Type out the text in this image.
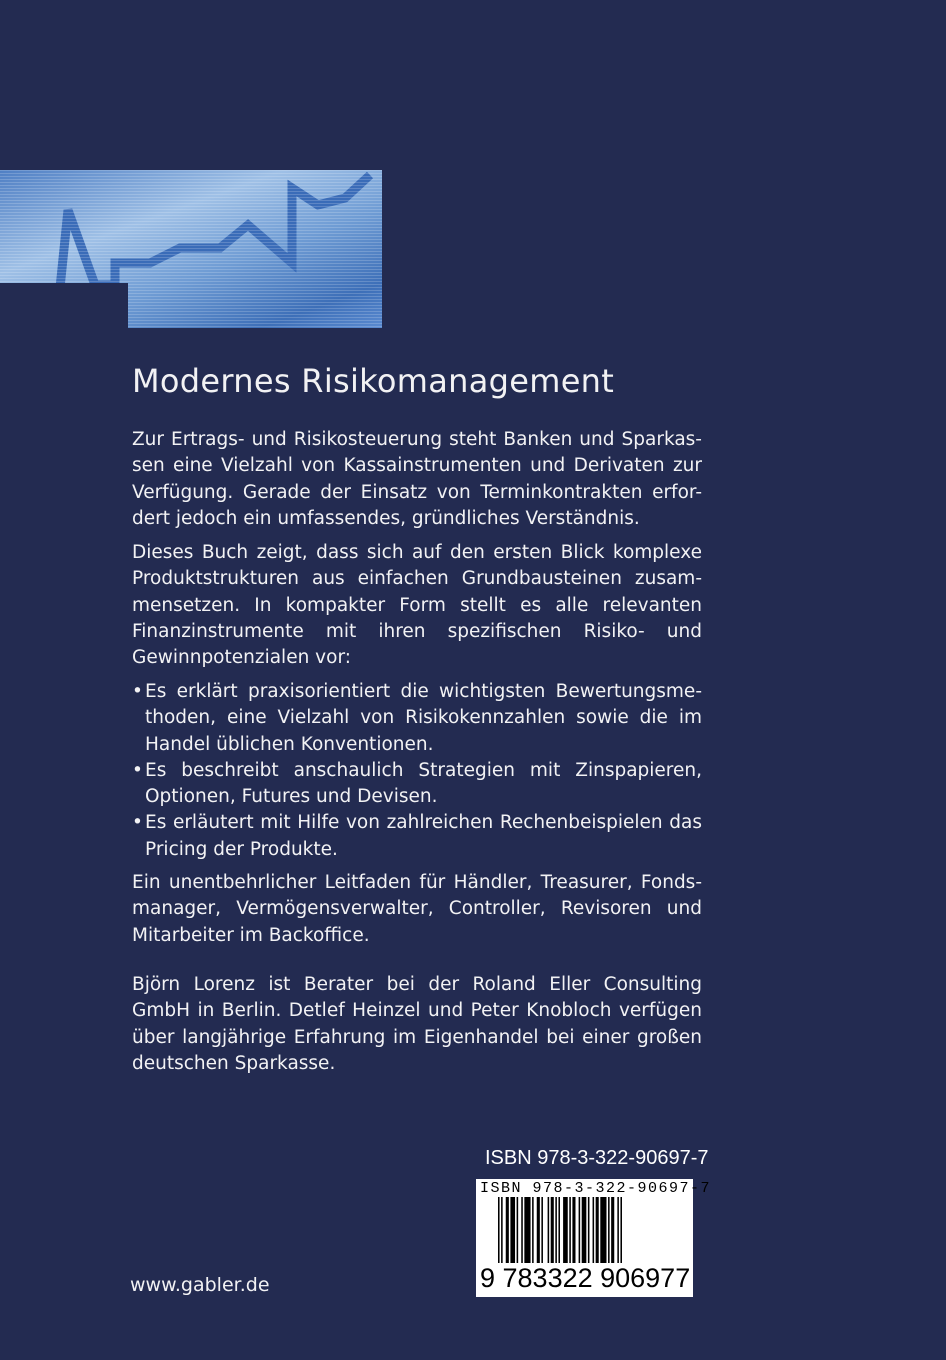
Modernes Risikomanagement
Zur Ertrags- und Risikosteuerung steht Banken und Sparkas-
sen eine Vielzahl von Kassainstrumenten und Derivaten zur
Verfügung. Gerade der Einsatz von Terminkontrakten erfor-
dert jedoch ein umfassendes, gründliches Verständnis.
Dieses Buch zeigt, dass sich auf den ersten Blick komplexe
Produktstrukturen aus einfachen Grundbausteinen zusam-
mensetzen. In kompakter Form stellt es alle relevanten
Finanzinstrumente mit ihren spezifischen Risiko- und
Gewinnpotenzialen vor:
• Es erklärt praxisorientiert die wichtigsten Bewertungsme-
thoden, eine Vielzahl von Risikokennzahlen sowie die im
Handel üblichen Konventionen.
• Es beschreibt anschaulich Strategien mit Zinspapieren,
Optionen, Futures und Devisen.
• Es erläutert mit Hilfe von zahlreichen Rechenbeispielen das
Pricing der Produkte.
Ein unentbehrlicher Leitfaden für Händler, Treasurer, Fonds-
manager, Vermögensverwalter, Controller, Revisoren und
Mitarbeiter im Backoffice.
Björn Lorenz ist Berater bei der Roland Eller Consulting
GmbH in Berlin. Detlef Heinzel und Peter Knobloch verfügen
über langjährige Erfahrung im Eigenhandel bei einer großen
deutschen Sparkasse.
ISBN 978-3-322-90697-7
ISBN 978-3-322-90697-7
9 783322 906977
www.gabler.de
